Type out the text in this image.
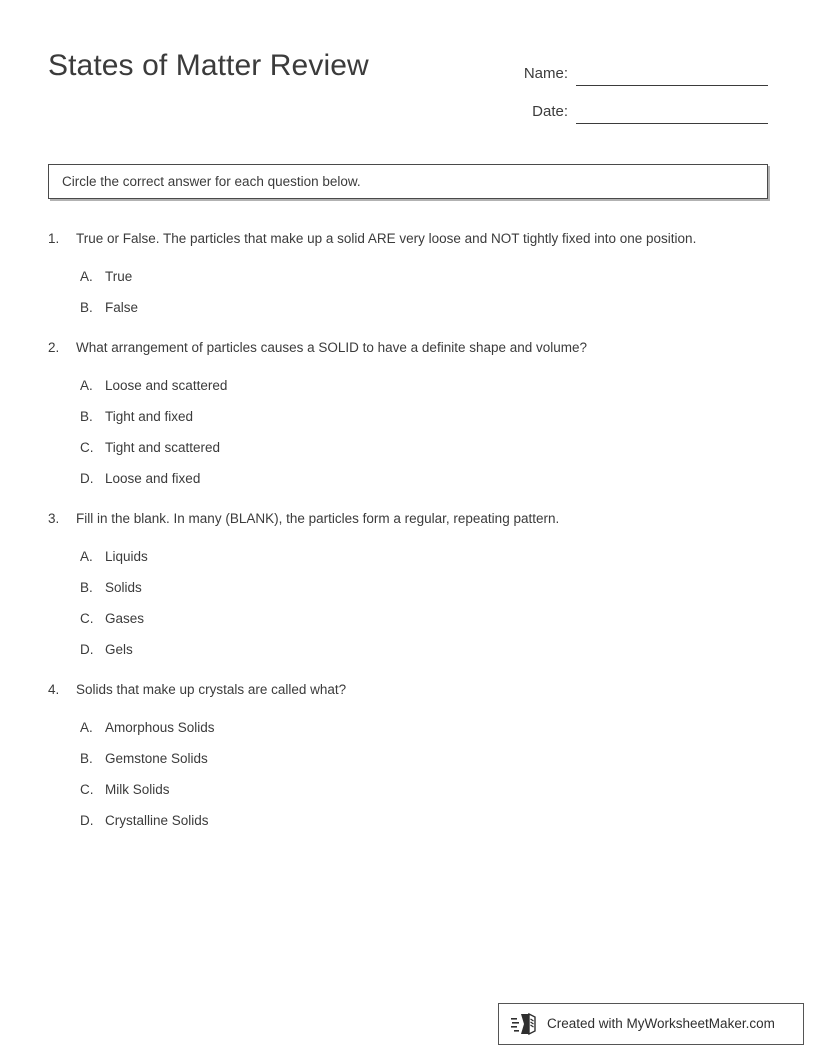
States of Matter Review	Name:
Date:
Circle the correct answer for each question below.
1.	True or False. The particles that make up a solid ARE very loose and NOT tightly fixed into one position.
A. True
B. False
2.	What arrangement of particles causes a SOLID to have a definite shape and volume?
A. Loose and scattered
B. Tight and fixed
C. Tight and scattered
D. Loose and fixed
3.	Fill in the blank. In many (BLANK), the particles form a regular, repeating pattern.
A. Liquids
B. Solids
C. Gases
D. Gels
4.	Solids that make up crystals are called what?
A. Amorphous Solids
B. Gemstone Solids
C. Milk Solids
D. Crystalline Solids
Created with MyWorksheetMaker.com
